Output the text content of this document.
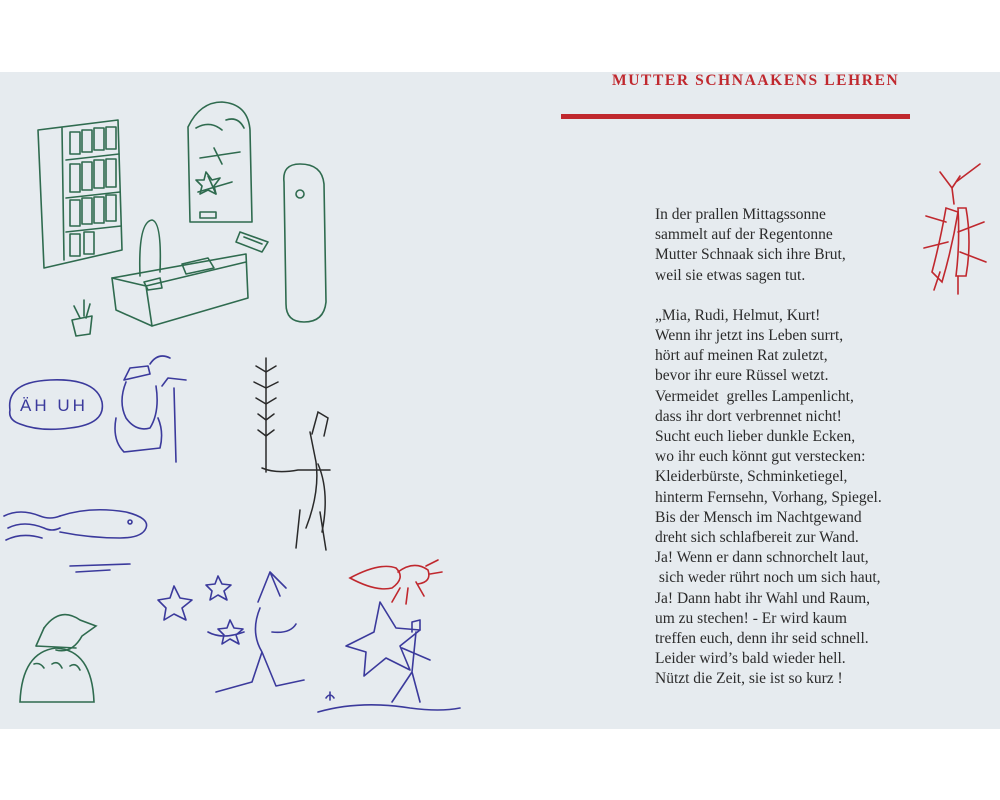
ÄH UH
MUTTER SCHNAAKENS LEHREN
In der prallen Mittagssonne
sammelt auf der Regentonne
Mutter Schnaak sich ihre Brut,
weil sie etwas sagen tut.
„Mia, Rudi, Helmut, Kurt!
Wenn ihr jetzt ins Leben surrt,
hört auf meinen Rat zuletzt,
bevor ihr eure Rüssel wetzt.
Vermeidet  grelles Lampenlicht,
dass ihr dort verbrennet nicht!
Sucht euch lieber dunkle Ecken,
wo ihr euch könnt gut verstecken:
Kleiderbürste, Schminketiegel,
hinterm Fernsehn, Vorhang, Spiegel.
Bis der Mensch im Nachtgewand
dreht sich schlafbereit zur Wand.
Ja! Wenn er dann schnorchelt laut,
sich weder rührt noch um sich haut,
Ja! Dann habt ihr Wahl und Raum,
um zu stechen! - Er wird kaum
treffen euch, denn ihr seid schnell.
Leider wird’s bald wieder hell.
Nützt die Zeit, sie ist so kurz !
